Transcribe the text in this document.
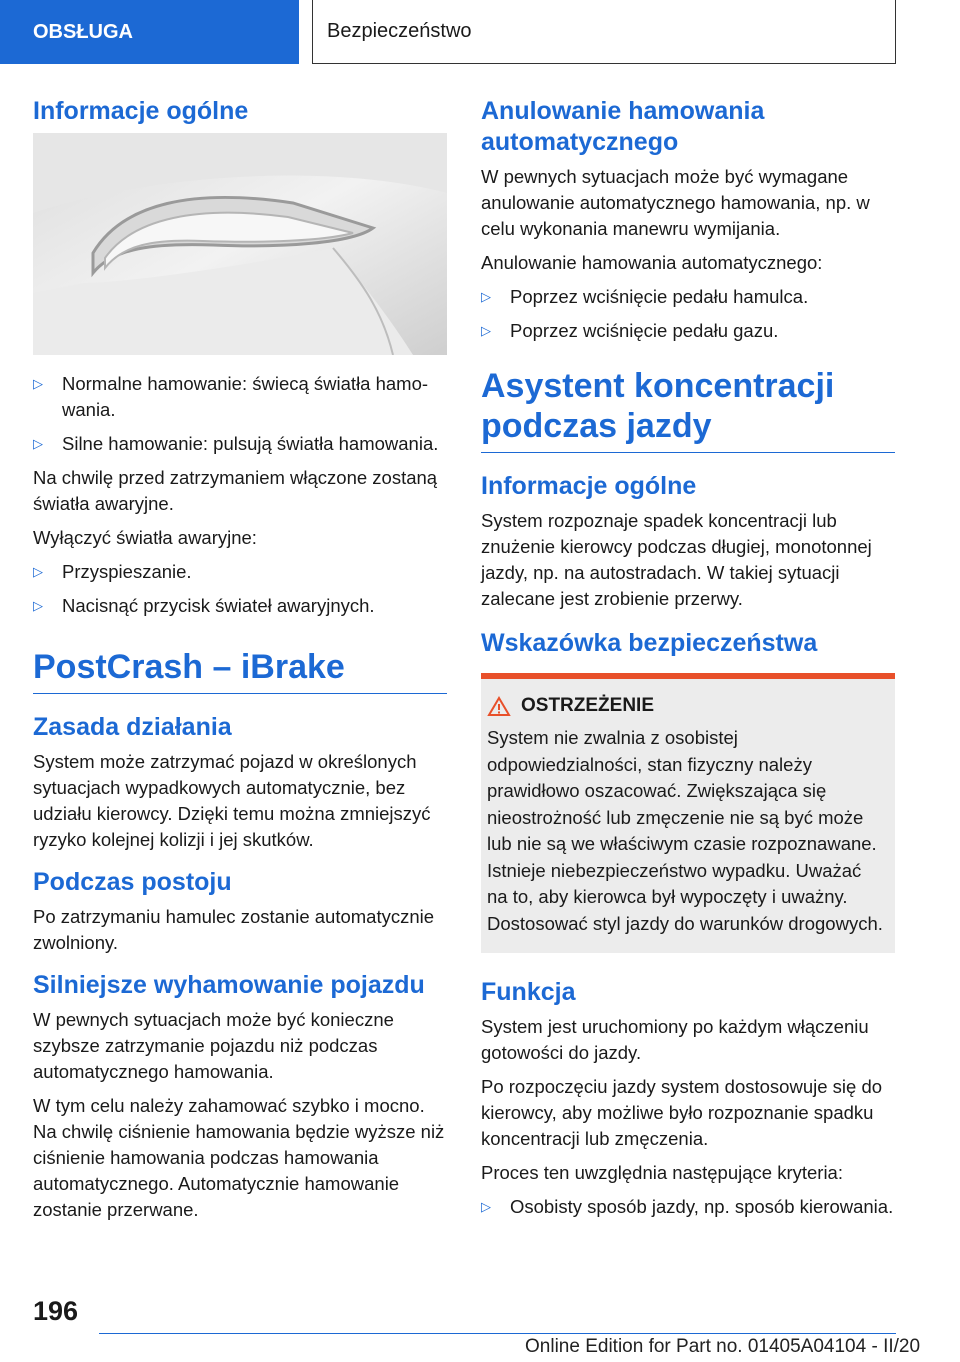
OBSŁUGA	Bezpieczeństwo
Informacje ogólne
▷	Normalne hamowanie: świecą światła hamo-wania.
▷	Silne hamowanie: pulsują światła hamowania.

Na chwilę przed zatrzymaniem włączone zostaną światła awaryjne.

Wyłączyć światła awaryjne:

▷	Przyspieszanie.
▷	Nacisnąć przycisk świateł awaryjnych.
PostCrash – iBrake
Zasada działania

System może zatrzymać pojazd w określonych sytuacjach wypadkowych automatycznie, bez udziału kierowcy. Dzięki temu można zmniejszyć ryzyko kolejnej kolizji i jej skutków.

Podczas postoju

Po zatrzymaniu hamulec zostanie automatycznie zwolniony.

Silniejsze wyhamowanie pojazdu

W pewnych sytuacjach może być konieczne szybsze zatrzymanie pojazdu niż podczas automatycznego hamowania.

W tym celu należy zahamować szybko i mocno. Na chwilę ciśnienie hamowania będzie wyższe niż ciśnienie hamowania podczas hamowania automatycznego. Automatycznie hamowanie zostanie przerwane.

Anulowanie hamowania automatycznego

W pewnych sytuacjach może być wymagane anulowanie automatycznego hamowania, np. w celu wykonania manewru wymijania.

Anulowanie hamowania automatycznego:

▷	Poprzez wciśnięcie pedału hamulca.
▷	Poprzez wciśnięcie pedału gazu.
Asystent koncentracji podczas jazdy
Informacje ogólne

System rozpoznaje spadek koncentracji lub znużenie kierowcy podczas długiej, monotonnej jazdy, np. na autostradach. W takiej sytuacji zalecane jest zrobienie przerwy.

Wskazówka bezpieczeństwa
OSTRZEŻENIE
System nie zwalnia z osobistej odpowiedzialności, stan fizyczny należy prawidłowo oszacować. Zwiększająca się nieostrożność lub zmęczenie nie są być może lub nie są we właściwym czasie rozpoznawane. Istnieje niebezpieczeństwo wypadku. Uważać na to, aby kierowca był wypoczęty i uważny. Dostosować styl jazdy do warunków drogowych.
Funkcja

System jest uruchomiony po każdym włączeniu gotowości do jazdy.

Po rozpoczęciu jazdy system dostosowuje się do kierowcy, aby możliwe było rozpoznanie spadku koncentracji lub zmęczenia.

Proces ten uwzględnia następujące kryteria:

▷	Osobisty sposób jazdy, np. sposób kierowania.
196
Online Edition for Part no. 01405A04104 - II/20
